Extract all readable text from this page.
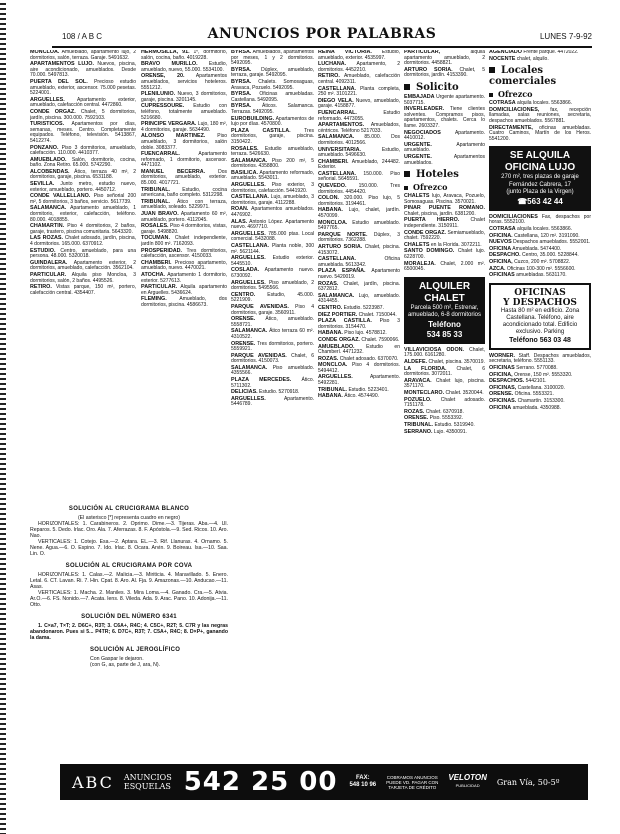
108 / A B C	ANUNCIOS POR PALABRAS	LUNES 7-9-92
MONCLOA. Amueblado, apartamento lujo, 2 dormitorios, salón, terraza. Garaje. 5491632.
APARTAMENTOS LUJO. Nuevos, piscina, aire acondicionado, amueblados. Desde 70.000. 5497813.
PUERTA DEL SOL. Precioso estudio amueblado, exterior, ascensor. 75.000 pesetas. 5224001.
ARGUELLES. Apartamento exterior, amueblado, calefacción central. 4472860.
CONDE ORGAZ. Chalet, 5 dormitorios, jardín, piscina. 300.000. 7592103.
TURISTICOS. Apartamentos por días, semanas, meses. Centro. Completamente equipados. Teléfono, televisión. 5413867, 5412274.
PONZANO. Piso 3 dormitorios, amueblado, calefacción. 110.000. 4410377.
AMUEBLADO. Salón, dormitorio, cocina, baño. Zona Retiro. 65.000. 5742290.
ALCOBENDAS. Ático, terraza 40 m², 2 dormitorios, garaje, piscina. 6531188.
SEVILLA. Junto metro, estudio nuevo, exterior, amueblado, portero. 4450712.
CONDE VALLELLANO. Piso señorial 200 m², 5 dormitorios, 3 baños, servicio. 5617739.
SALAMANCA. Apartamento amueblado, 1 dormitorio, exterior, calefacción, teléfono. 80.000. 4018855.
CHAMARTIN. Piso 4 dormitorios, 2 baños, garaje, trastero, piscina comunitaria. 5643320.
LAS ROZAS. Chalet adosado, jardín, piscina, 4 dormitorios. 165.000. 6370912.
ESTUDIO. Centro, amueblado, para una persona. 48.000. 5320018.
GUINDALERA. Apartamento exterior, 2 dormitorios, amueblado, calefacción. 3562104.
PARTICULAR. Alquila piso Moncloa, 3 dormitorios, salón, 2 baños. 4495526.
RETIRO. Vistas parque, 150 m², portero, calefacción central. 4354407.
HERMOSILLA, 91. 1º, dormitorio, salón, cocina, baño. 4019228.
BRAVO MURILLO. Estudio, amueblado, nuevo, 55.000. 5534100.
ORENSE, 20. Apartamentos amueblados, servicios hoteleros. 5551212.
PLENILUNIO. Nuevo, 3 dormitorios, garaje, piscina. 3201145.
CUPRESSOURE. Estudio con teléfono, totalmente amueblado. 5216680.
PRINCIPE VERGARA. Lujo, 180 m², 4 dormitorios, garaje. 5634490.
ALONSO MARTINEZ. Piso amueblado, 3 dormitorios, salón doble. 3083377.
FUENCARRAL.	Apartamento reformado, 1 dormitorio, ascensor. 4471102.
MANUEL BECERRA.	Dos dormitorios, amueblado, exterior. 85.000. 4017721.
TRIBUNAL. Estudio, cocina americana, baño completo. 5312298.
TRIBUNAL. Ático con terraza, amueblado, soleado. 5229971.
JUAN BRAVO. Apartamento 60 m², amueblado, portero. 4112045.
ROSALES. Piso 4 dormitorios, vistas, garaje. 5498820.
TOCUMAN. Chalet independiente, jardín 800 m². 7162093.
PROSPERIDAD. Tres dormitorios, calefacción, ascensor. 4150033.
CHAMBERI. Precioso apartamento, amueblado, nuevo. 4470021.
ATOCHA. Apartamento 1 dormitorio, exterior. 5277613.
PARTICULAR. Alquila apartamento en Arguelles. 5436624.
FLEMING.	Amueblado, dos dormitorios, piscina. 4586673.
BYRSA. Amueblados, apartamentos por meses, 1 y 2 dormitorios. 5492095.
BYRSA. Dúplex, amueblado, terraza, garaje. 5492095.
BYRSA. Chalets. Somosaguas, Aravaca, Pozuelo. 5492095.
BYRSA. Oficinas amuebladas. Castellana. 5492095.
BYRSA. Áticos. Salamanca. Terrazas. 5492095.
EUROBUILDING. Apartamentos de lujo por días. 4570800.
PLAZA CASTILLA.	Tres dormitorios, garaje, piscina. 3150422.
ROSALES. Estudio amueblado, terraza. 5426630.
SALAMANCA. Piso 200 m², 5 dormitorios. 4358800.
BASILICA. Apartamento reformado, amueblado. 5543011.
ARGUELLES. Piso exterior, 3 dormitorios, calefacción. 5441920.
CASTELLANA. Lujo, amueblado, 3 dormitorios, garaje. 4112288.
ROAN. Apartamentos amueblados. 4476902.
ALAS. Antonio López. Apartamento nuevo. 4697710.
ARGUELLES. 785.000 ptas. Local comercial. 5432088.
CASTELLANA. Planta noble, 300 m². 5621144.
ARGUELLES. Estudio exterior. 5445510.
COSLADA. Apartamento nuevo. 6730092.
ARGUELLES. Piso amueblado, 2 dormitorios. 5495566.
CENTRO. Estudio, 45.000. 5221909.
PARQUE AVENIDAS. Piso 4 dormitorios, garaje. 3560911.
ORENSE. Ático, amueblado. 5558721.
SALAMANCA. Ático terraza 60 m². 4310522.
ORENSE. Tres dormitorios, portero. 5559921.
PARQUE AVENIDAS. Chalet, 6 dormitorios. 4150073.
SALAMANCA. Piso amueblado. 4355566.
PLAZA MERCEDES. Ático. 5711302.
DELICIAS. Estudio. 5270918.
ARGUELLES.	Apartamento. 5446789.
REINA VICTORIA. Estudio, amueblado, exterior. 4535997.
LUCHANA. Apartamento, 2 dormitorios. 4452210.
RETIRO. Amueblado, calefacción central. 4092311.
CASTELLANA. Planta completa, 250 m². 3101221.
DIEGO VELA. Nuevo, amueblado, garaje. 4158877.
FUENCARRAL.	Estudio reformado. 4473055.
APARTAMENTOS. Amueblados, céntricos. Teléfono 5217033.
SALAMANCA. 85.000. Dos dormitorios. 4012566.
UNIVERSITARIA.	Estudio, amueblado. 5496630.
CHAMBERI. Amueblado, 244482. Exterior.
CASTELLANA. 150.000. Piso señorial. 5645591.
QUEVEDO. 150.000. Tres dormitorios. 4454420.
COLON. 320.000. Piso lujo, 5 dormitorios. 3194461.
HABANA. Lujo, chalet, jardín. 4570099.
MONCLOA. Estudio amueblado. 5497765.
PARQUE NORTE. Dúplex, 3 dormitorios. 7362288.
ARTURO SORIA. Chalet, piscina. 4153072.
CASTELLANA.	Oficina amueblada. 5613342.
PLAZA ESPAÑA. Apartamento nuevo. 5420019.
ROZAS. Chalet, jardín, piscina. 6372812.
SALAMANCA. Lujo, amueblado. 4314455.
CENTRO. Estudio. 5223987.
DIEZ PORTIER. Chalet. 7150044.
PLAZA CASTILLA. Piso 3 dormitorios. 3154470.
HABANA. Piso lujo. 4578812.
CONDE ORGAZ. Chalet. 7590066.
AMUEBLADO. Estudio en Chamberí. 4471232.
ROZAS. Chalet adosado. 6370070.
MONCLOA. Piso 4 dormitorios. 5494412.
ARGUELLES.	Apartamento. 5492281.
TRIBUNAL. Estudio. 5223401.
HABANA. Ático. 4574490.
PARTICULAR,	alquila apartamento amueblado, 2 dormitorios. 4458821.
ARTURO SORIA. Chalet, 5 dormitorios, jardín. 4153390.
Solicito
EMBAJADA Urgente apartamento. 5037715.
INVERLEADER. Tiene clientes solventes. Compramos pisos, apartamentos, chalets. Cerca lo llame. 2603327.
NEGOCIADOS	Apartamento. 4410012.
URGENTE.	Apartamento amueblado.
URGENTE.	Apartamentos amueblados.
Hoteles
Ofrezco
CHALETS lujo, Aravaca, Pozuelo, Somosaguas. Piscina. 3570021.
PINAR PUENTE ROMANO. Chalet, piscina, jardín. 6381200.
PUERTA HIERRO. Chalet independiente. 3150911.
CONDE ORGAZ. Semiamueblado, chalet. 7592220.
CHALETS en la Florida. 3072211.
SANTO DOMINGO. Chalet lujo. 6228700.
MORALEJA. Chalet, 2.000 m². 6500045.
ALQUILER CHALET
Parcela 500 m², Estrenar, amueblado, 6-8 dormitorios
Teléfono
534 85 33
VILLAVICIOSA ODON. Chalet, 175.000. 6161280.
ALDEFE. Chalet, piscina. 3570019.
LA FLORIDA. Chalet, 6 dormitorios. 3072011.
ARAVACA. Chalet lujo, piscina. 3571170.
MONTECLARO. Chalet. 3520044.
POZUELO. Chalet adosado. 7151178.
ROZAS. Chalet. 6370918.
ORENSE. Piso. 5553392.
TRIBUNAL. Estudio. 5319940.
SERRANO. Lujo. 4350091.
AGENCIADO Frente parque. 4472022.
NOCENTE chalet, alquilo.
Locales comerciales
Ofrezco
COTRASA alquila locales. 5563866.
DOMICILIACIONES, fax, recepción llamadas, salas reuniones, secretaria, despachos amueblados. 5567881.
DIRECTAMENTE, oficinas amuebladas. Cuatro Caminos, Martín de los Heros. 5541200.
SE ALQUILA
OFICINA LUJO
270 m², tres plazas de garaje
Fernández Cabrera, 17
(junto Plaza de la Virgen)
☎563 42 44
DOMICILIACIONES Fax, despachos por horas. 5552100.
COTRASA alquila locales. 5563866.
OFICINA. Castellana, 120 m². 3191090.
NUEVOS Despachos amueblados. 5552001.
OFICINA Amueblada. 5474400.
DESPACHO. Centro, 35.000. 5228844.
OFICINA, Cuzco, 200 m². 5708822.
AZCA. Oficinas 100-300 m². 5556600.
OFICINAS amuebladas. 5631170.
OFICINAS
Y DESPACHOS
Hasta 80 m² en edificio. Zona Castellana. Teléfono, aire acondicionado total. Edificio exclusivo. Parking
Teléfono 563 03 48
WORNER. Staff. Despachos amueblados, secretaria, teléfono. 5551133.
OFICINAS Serrano. 5770088.
OFICINA, Orense, 150 m². 5553320.
DESPACHOS. 5442101.
OFICINAS, Castellana. 3100020.
ORENSE. Oficina. 5553321.
OFICINAS. Chamartín. 3153300.
OFICINA amueblada. 4350988.
SOLUCIÓN AL CRUCIGRAMA BLANCO
(El asterisco [*] representa cuadro en negro)

HORIZONTALES: 1. Carabineros. 2. Oprimo. Dime.—3. Tijeras. Aba.—4. Ul. Reparos. 5. Dedo. Irlac. Oro. Ala. 7. Aferrazas. 8. F. Apóstola.—9. Sed. Ricos. 10. Aro. Nao.

VERTICALES: 1. Cotejo. Esa.—2. Aptara. EL.—3. Rif. Llanuras. 4. Ornamo. 5. Nene. Agua.—6. O. Espino. 7. Ido. Irlac. 8. Ocara. Arvin. 9. Boireau. Isa.—10. Saa. Lin. O.

SOLUCIÓN AL CRUCIGRAMA POR COVA

HORIZONTALES: 1. Calas.—2. Malicia.—3. Miriticia. 4. Maravillado. 5. Enero. Letal. 6. CT. Lavan. Ri. 7. Hin. Cpat. 8. Aro. Al. Fja. 9. Amazonas.—10. Anducao.—11. Asas.

VERTICALES: 1. Macha. 2. Maniles. 3. Mira Loma.—4. Ganado. Cra.—5. Atvia. Ar.O.—6. FS. Nonido.—7. Acata. Iens. 8. Vileda. Ada. 9. Arac. Pano. 10. Adonija.—11. Otto.

SOLUCIÓN DEL NÚMERO 6341

1. C×a7, T×T; 2. D6C+, R3T; 3. C6A+, R4C; 4. C5C+, R2T; 5. C7R y las negras abandonaron. Pues si 5... P4TR; 6. D7C+, R3T; 7. C5A+, R4C; 8. D×P+, ganando la dama.

SOLUCIÓN AL JEROGLÍFICO
Con Gaspar le dejaron.
(con G, as, parte de J, ara, N).
ABC ANUNCIOS
ESQUELAS 542 25 00	FAX:
548 10 96
COBRAMOS ANUNCIOS
PUEDE VD. PAGAR CON
TARJETA DE CRÉDITO
VELOTON
PUBLICIDAD	Gran Vía, 50-5º
